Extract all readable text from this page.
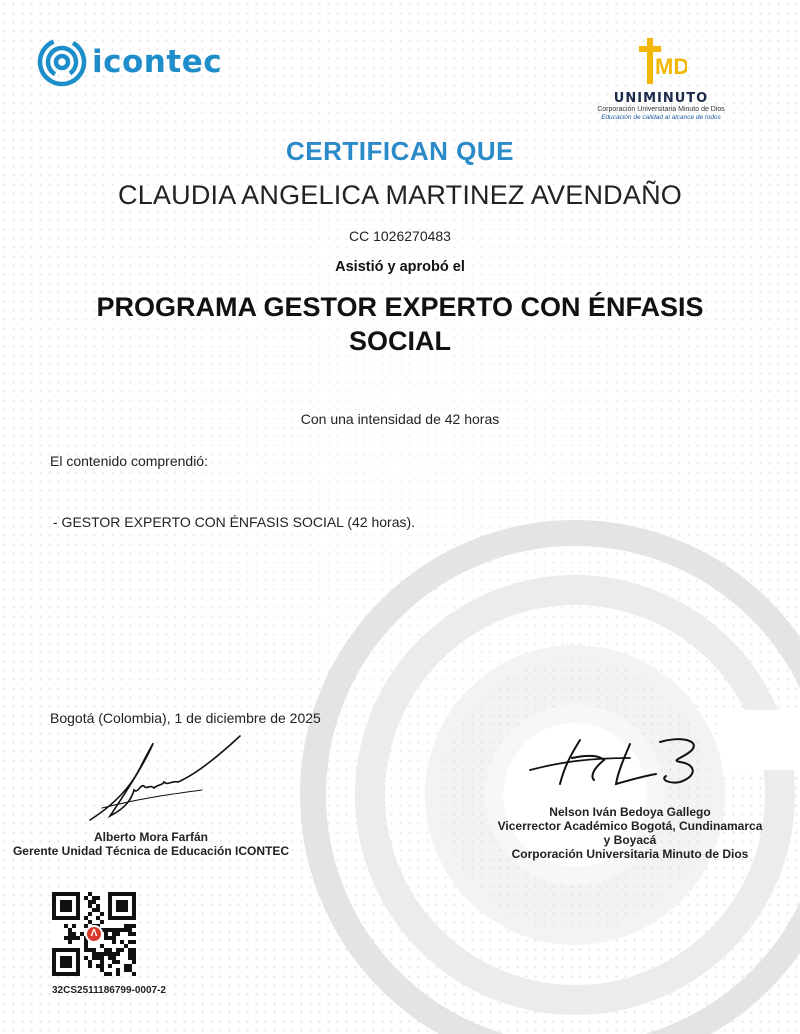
icontec	MD
UNIMINUTO
Corporación Universitaria Minuto de Dios
Educación de calidad al alcance de todos
CERTIFICAN QUE
CLAUDIA ANGELICA MARTINEZ AVENDAÑO
CC 1026270483
Asistió y aprobó el
PROGRAMA GESTOR EXPERTO CON ÉNFASIS SOCIAL
Con una intensidad de 42 horas
El contenido comprendió:
- GESTOR EXPERTO CON ÉNFASIS SOCIAL (42 horas).
Bogotá (Colombia), 1 de diciembre de 2025
Alberto Mora Farfán
Gerente Unidad Técnica de Educación ICONTEC
Nelson Iván Bedoya Gallego
Vicerrector Académico Bogotá, Cundinamarca
y Boyacá
Corporación Universitaria Minuto de Dios
Λ
32CS2511186799-0007-2
